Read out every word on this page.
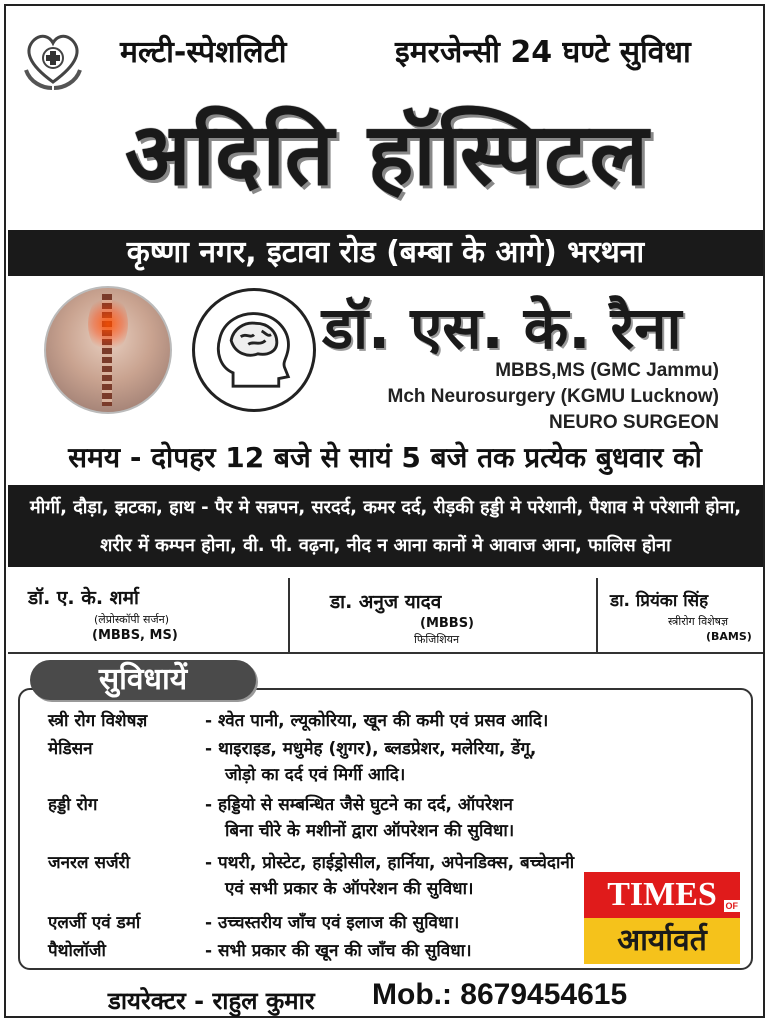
मल्टी-स्पेशलिटी	इमरजेन्सी 24 घण्टे सुविधा
अदिति हॉस्पिटल
कृष्णा नगर, इटावा रोड (बम्बा के आगे) भरथना
डॉ. एस. के. रैना
MBBS,MS (GMC Jammu)
Mch Neurosurgery (KGMU Lucknow)
NEURO SURGEON
समय - दोपहर 12 बजे से सायं 5 बजे तक प्रत्येक बुधवार को
मीर्गी, दौड़ा, झटका, हाथ - पैर मे सन्नपन, सरदर्द, कमर दर्द, रीड़की हड्डी मे परेशानी, पैशाव मे परेशानी होना,
शरीर में कम्पन होना, वी. पी. वढ़ना, नीद न आना कानों मे आवाज आना, फालिस होना
डॉ. ए. के. शर्मा
(लेप्रोस्कॉपी सर्जन)
(MBBS, MS)
डा. अनुज यादव
(MBBS)
फिजिशियन
डा. प्रियंका सिंह
स्त्रीरोग विशेषज्ञ
(BAMS)
सुविधायें
स्त्री रोग विशेषज्ञ	- श्वेत पानी, ल्यूकोरिया, खून की कमी एवं प्रसव आदि।
मेडिसन	- थाइराइड, मधुमेह (शुगर), ब्लडप्रेशर, मलेरिया, डेंगू,
जोड़ो का दर्द एवं मिर्गी आदि।
हड्डी रोग	- हड्डियो से सम्बन्धित जैसे घुटने का दर्द, ऑपरेशन
बिना चीरे के मशीनों द्वारा ऑपरेशन की सुविधा।
जनरल सर्जरी	- पथरी, प्रोस्टेट, हाईड्रोसील, हार्निया, अपेनडिक्स, बच्चेदानी
एवं सभी प्रकार के ऑपरेशन की सुविधा।
एलर्जी एवं डर्मा	- उच्चस्तरीय जाँच एवं इलाज की सुविधा।
पैथोलॉजी	- सभी प्रकार की खून की जाँच की सुविधा।
TIMES OF
आर्यावर्त
डायरेक्टर - राहुल कुमार Mob.: 8679454615
